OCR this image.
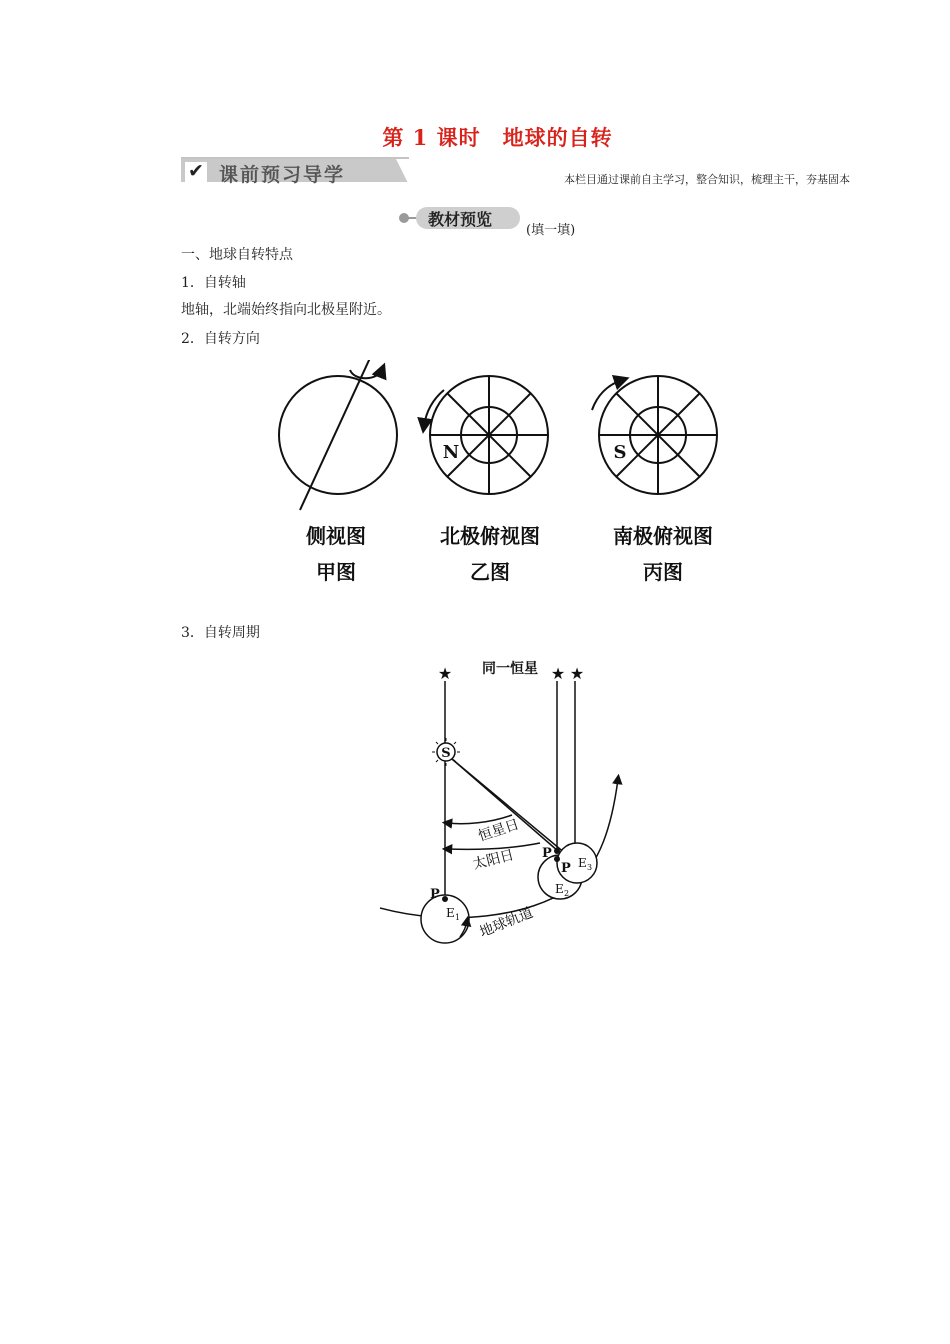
第 1 课时　地球的自转
✔ 课前预习导学	本栏目通过课前自主学习，整合知识，梳理主干，夯基固本
教材预览
(填一填)
一、地球自转特点
1．自转轴
地轴，北端始终指向北极星附近。
2．自转方向
N	S
侧视图
甲图
北极俯视图
乙图
南极俯视图
丙图
3．自转周期
★	★ ★
同一恒星
S
恒星日
太阳日
地球轨道
P
E 1
P
E 2
P E 3
